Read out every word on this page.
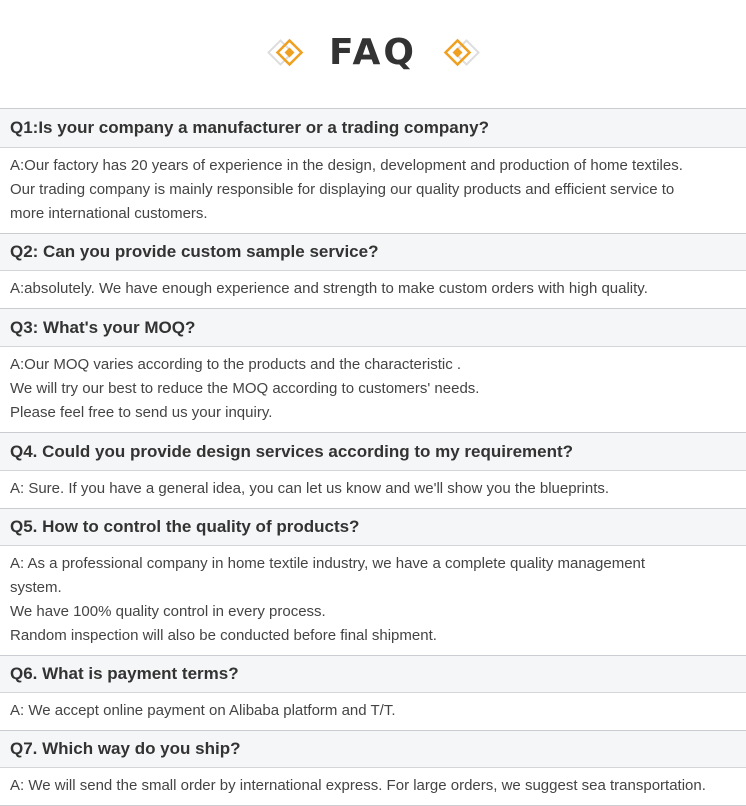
FAQ
Q1:Is your company a manufacturer or a trading company?
A:Our factory has 20 years of experience in the design, development and production of home textiles.
Our trading company is mainly responsible for displaying our quality products and efficient service to
more international customers.
Q2: Can you provide custom sample service?
A:absolutely. We have enough experience and strength to make custom orders with high quality.
Q3: What's your MOQ?
A:Our MOQ varies according to the products and the characteristic .
We will try our best to reduce the MOQ according to customers' needs.
Please feel free to send us your inquiry.
Q4. Could you provide design services according to my requirement?
A: Sure. If you have a general idea, you can let us know and we'll show you the blueprints.
Q5. How to control the quality of products?
A: As a professional company in home textile industry, we have a complete quality management
system.
We have 100% quality control in every process.
Random inspection will also be conducted before final shipment.
Q6. What is payment terms?
A: We accept online payment on Alibaba platform and T/T.
Q7. Which way do you ship?
A: We will send the small order by international express. For large orders, we suggest sea transportation.
